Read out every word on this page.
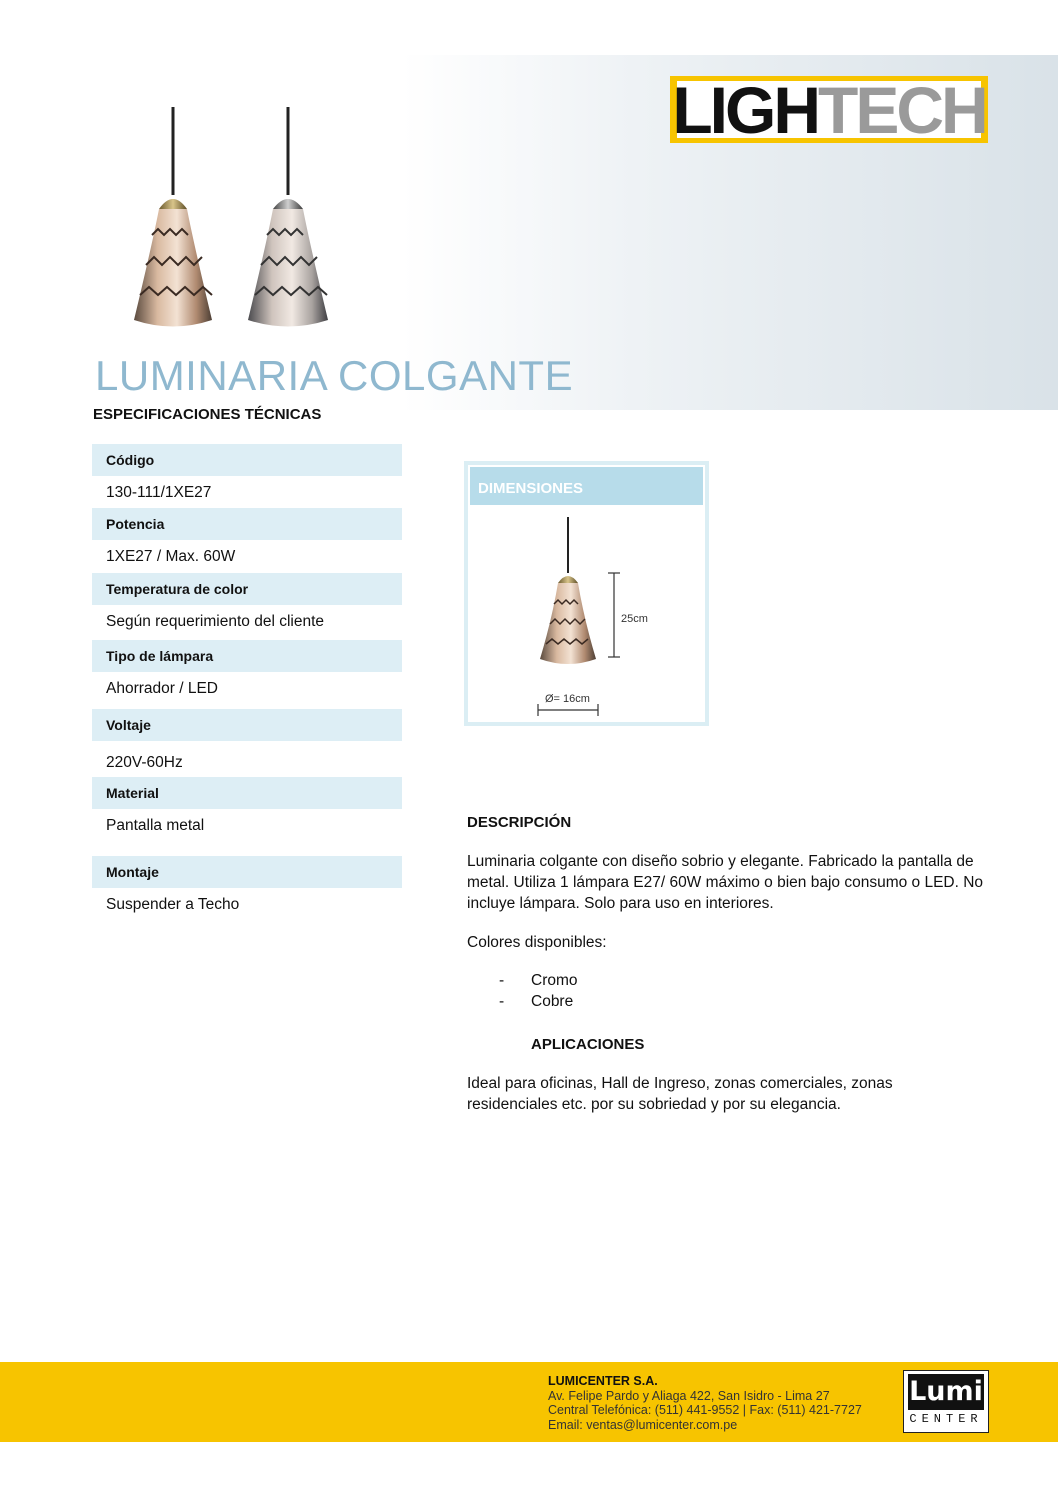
LIGH TECH
LUMINARIA COLGANTE
ESPECIFICACIONES TÉCNICAS
Código
130-111/1XE27
Potencia
1XE27 / Max. 60W
Temperatura de color
Según requerimiento del cliente
Tipo de lámpara
Ahorrador / LED
Voltaje
220V-60Hz
Material
Pantalla metal
Montaje
Suspender a Techo
DIMENSIONES
25cm
Ø= 16cm
DESCRIPCIÓN

Luminaria colgante con diseño sobrio y elegante. Fabricado la pantalla de metal. Utiliza 1 lámpara E27/ 60W máximo o bien bajo consumo o LED. No incluye lámpara. Solo para uso en interiores.

Colores disponibles:

-	Cromo
-	Cobre
APLICACIONES

Ideal para oficinas, Hall de Ingreso, zonas comerciales, zonas residenciales etc. por su sobriedad y por su elegancia.

LUMICENTER S.A.
Av. Felipe Pardo y Aliaga 422, San Isidro - Lima 27
Central Telefónica: (511) 441-9552 | Fax: (511) 421-7727
Email: ventas@lumicenter.com.pe
Lumi
CENTER
